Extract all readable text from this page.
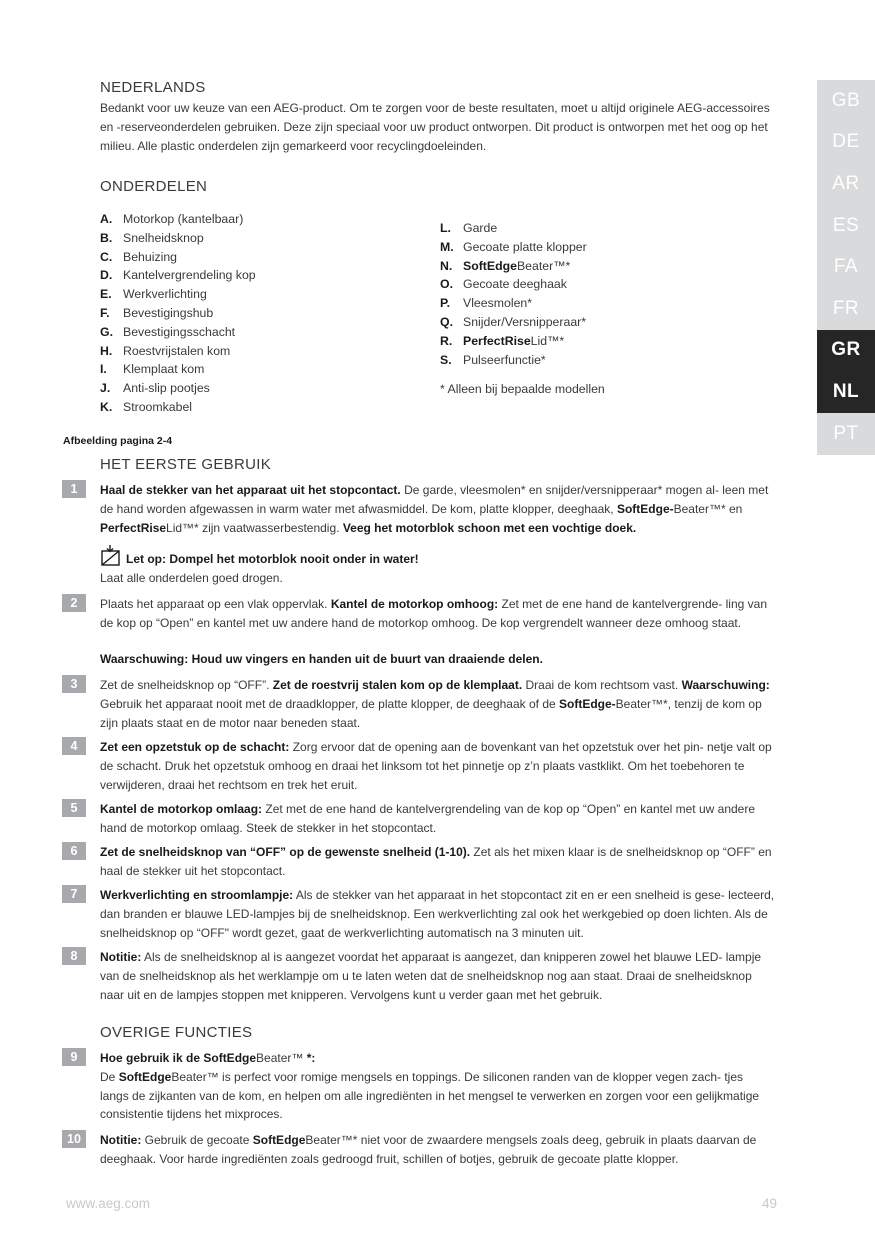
GB
DE
AR
ES
FA
FR
GR
NL
PT
NEDERLANDS
Bedankt voor uw keuze van een AEG-product. Om te zorgen voor de beste resultaten, moet u altijd originele AEG-accessoires en -reserveonderdelen gebruiken. Deze zijn speciaal voor uw product ontworpen. Dit product is ontworpen met het oog op het milieu. Alle plastic onderdelen zijn gemarkeerd voor recyclingdoeleinden.
ONDERDELEN
A. Motorkop (kantelbaar)
B. Snelheidsknop
C. Behuizing
D. Kantelvergrendeling kop
E. Werkverlichting
F.	Bevestigingshub
G. Bevestigingsschacht
H. Roestvrijstalen kom
I.	Klemplaat kom
J.	Anti-slip pootjes
K. Stroomkabel
L. Garde
M. Gecoate platte klopper
N. SoftEdgeBeater™*
O. Gecoate deeghaak
P.	Vleesmolen*
Q. Snijder/Versnipperaar*
R. PerfectRiseLid™*
S. Pulseerfunctie*
* Alleen bij bepaalde modellen
Afbeelding pagina 2-4
HET EERSTE GEBRUIK
1	Haal de stekker van het apparaat uit het stopcontact. De garde, vleesmolen* en snijder/versnipperaar* mogen al- leen met de hand worden afgewassen in warm water met afwasmiddel. De kom, platte klopper, deeghaak, SoftEdge-Beater™* en PerfectRiseLid™* zijn vaatwasserbestendig. Veeg het motorblok schoon met een vochtige doek.
Let op: Dompel het motorblok nooit onder in water!
Laat alle onderdelen goed drogen.
2	Plaats het apparaat op een vlak oppervlak. Kantel de motorkop omhoog: Zet met de ene hand de kantelvergrende- ling van de kop op “Open” en kantel met uw andere hand de motorkop omhoog. De kop vergrendelt wanneer deze omhoog staat.
Waarschuwing: Houd uw vingers en handen uit de buurt van draaiende delen.
3	Zet de snelheidsknop op “OFF”. Zet de roestvrij stalen kom op de klemplaat. Draai de kom rechtsom vast. Waarschuwing: Gebruik het apparaat nooit met de draadklopper, de platte klopper, de deeghaak of de SoftEdge-Beater™*, tenzij de kom op zijn plaats staat en de motor naar beneden staat.
4	Zet een opzetstuk op de schacht: Zorg ervoor dat de opening aan de bovenkant van het opzetstuk over het pin- netje valt op de schacht. Druk het opzetstuk omhoog en draai het linksom tot het pinnetje op z’n plaats vastklikt. Om het toebehoren te verwijderen, draai het rechtsom en trek het eruit.
5	Kantel de motorkop omlaag: Zet met de ene hand de kantelvergrendeling van de kop op “Open” en kantel met uw andere hand de motorkop omlaag. Steek de stekker in het stopcontact.
6	Zet de snelheidsknop van “OFF” op de gewenste snelheid (1-10). Zet als het mixen klaar is de snelheidsknop op “OFF” en haal de stekker uit het stopcontact.
7	Werkverlichting en stroomlampje: Als de stekker van het apparaat in het stopcontact zit en er een snelheid is gese- lecteerd, dan branden er blauwe LED-lampjes bij de snelheidsknop. Een werkverlichting zal ook het werkgebied op doen lichten. Als de snelheidsknop op “OFF" wordt gezet, gaat de werkverlichting automatisch na 3 minuten uit.
8	Notitie: Als de snelheidsknop al is aangezet voordat het apparaat is aangezet, dan knipperen zowel het blauwe LED- lampje van de snelheidsknop als het werklampje om u te laten weten dat de snelheidsknop nog aan staat. Draai de snelheidsknop naar uit en de lampjes stoppen met knipperen. Vervolgens kunt u verder gaan met het gebruik.
OVERIGE FUNCTIES
9	Hoe gebruik ik de SoftEdgeBeater™ *:
De SoftEdgeBeater™ is perfect voor romige mengsels en toppings. De siliconen randen van de klopper vegen zach- tjes langs de zijkanten van de kom, en helpen om alle ingrediënten in het mengsel te verwerken en zorgen voor een gelijkmatige consistentie tijdens het mixproces.
10	Notitie: Gebruik de gecoate SoftEdgeBeater™* niet voor de zwaardere mengsels zoals deeg, gebruik in plaats daarvan de deeghaak. Voor harde ingrediënten zoals gedroogd fruit, schillen of botjes, gebruik de gecoate platte klopper.
www.aeg.com	49
